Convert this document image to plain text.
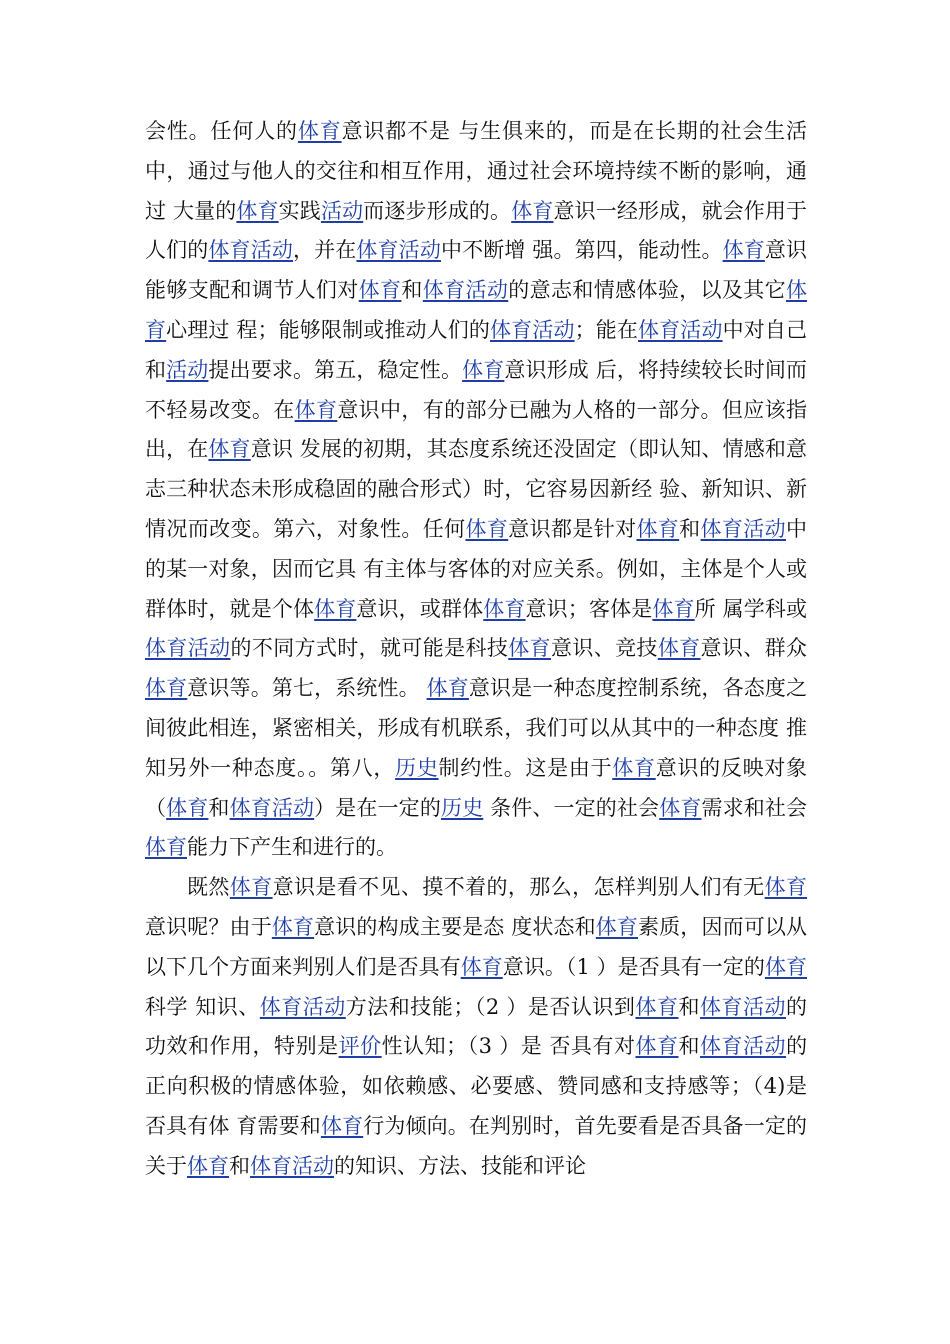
会性。任何人的体育意识都不是 与生俱来的，而是在长期的社会生活中，通过与他人的交往和相互作用，通过社会环境持续不断的影响，通过 大量的体育实践活动而逐步形成的。体育意识一经形成，就会作用于人们的体育活动，并在体育活动中不断增 强。第四，能动性。体育意识能够支配和调节人们对体育和体育活动的意志和情感体验，以及其它体育心理过 程；能够限制或推动人们的体育活动；能在体育活动中对自己和活动提出要求。第五，稳定性。体育意识形成 后，将持续较长时间而不轻易改变。在体育意识中，有的部分已融为人格的一部分。但应该指出，在体育意识 发展的初期，其态度系统还没固定（即认知、情感和意志三种状态未形成稳固的融合形式）时，它容易因新经 验、新知识、新情况而改变。第六，对象性。任何体育意识都是针对体育和体育活动中的某一对象，因而它具 有主体与客体的对应关系。例如，主体是个人或群体时，就是个体体育意识，或群体体育意识；客体是体育所 属学科或体育活动的不同方式时，就可能是科技体育意识、竞技体育意识、群众体育意识等。第七，系统性。 体育意识是一种态度控制系统，各态度之间彼此相连，紧密相关，形成有机联系，我们可以从其中的一种态度 推知另外一种态度。。第八，历史制约性。这是由于体育意识的反映对象（体育和体育活动）是在一定的历史 条件、一定的社会体育需求和社会体育能力下产生和进行的。

既然体育意识是看不见、摸不着的，那么，怎样判别人们有无体育意识呢？由于体育意识的构成主要是态 度状态和体育素质，因而可以从以下几个方面来判别人们是否具有体育意识。（1 ）是否具有一定的体育科学 知识、体育活动方法和技能；（2 ）是否认识到体育和体育活动的功效和作用，特别是评价性认知；（3 ）是 否具有对体育和体育活动的正向积极的情感体验，如依赖感、必要感、赞同感和支持感等；（4)是否具有体 育需要和体育行为倾向。在判别时，首先要看是否具备一定的关于体育和体育活动的知识、方法、技能和评论
